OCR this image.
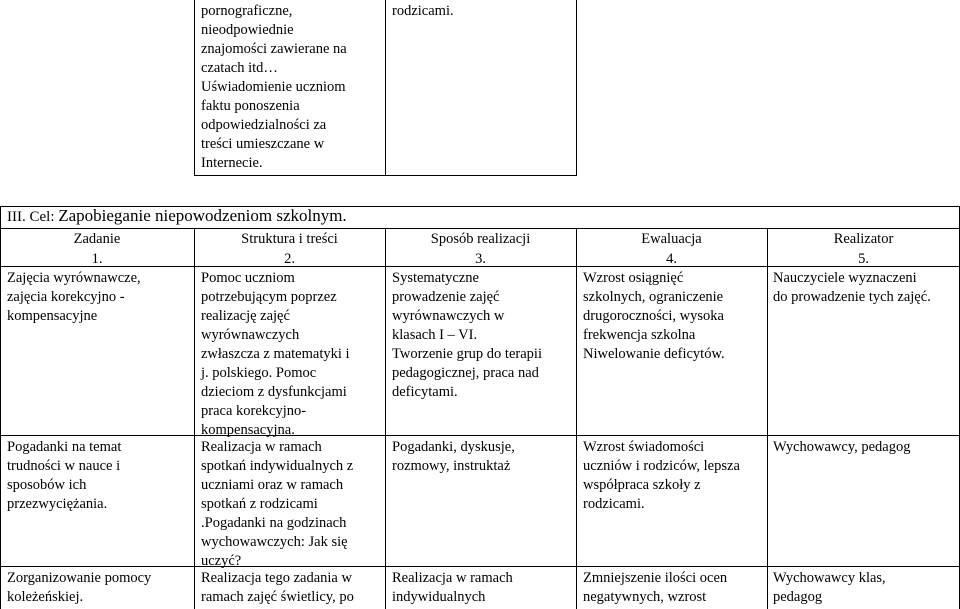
pornograficzne,
nieodpowiednie
znajomości zawierane na
czatach itd…
Uświadomienie uczniom
faktu ponoszenia
odpowiedzialności za
treści umieszczane w
Internecie.
rodzicami.
III. Cel: Zapobieganie niepowodzeniom szkolnym.
Zadanie
1.
Struktura i treści
2.
Sposób realizacji
3.
Ewaluacja
4.
Realizator
5.
Zajęcia wyrównawcze,
zajęcia korekcyjno -
kompensacyjne
Pomoc uczniom
potrzebującym poprzez
realizację zajęć
wyrównawczych
zwłaszcza z matematyki i
j. polskiego. Pomoc
dzieciom z dysfunkcjami
praca korekcyjno-
kompensacyjna.
Systematyczne
prowadzenie zajęć
wyrównawczych w
klasach I – VI.
Tworzenie grup do terapii
pedagogicznej, praca nad
deficytami.
Wzrost osiągnięć
szkolnych, ograniczenie
drugoroczności, wysoka
frekwencja szkolna
Niwelowanie deficytów.
Nauczyciele wyznaczeni
do prowadzenie tych zajęć.
Pogadanki na temat
trudności w nauce i
sposobów ich
przezwyciężania.
Realizacja w ramach
spotkań indywidualnych z
uczniami oraz w ramach
spotkań z rodzicami
.Pogadanki na godzinach
wychowawczych: Jak się
uczyć?
Pogadanki, dyskusje,
rozmowy, instruktaż
Wzrost świadomości
uczniów i rodziców, lepsza
współpraca szkoły z
rodzicami.
Wychowawcy, pedagog
Zorganizowanie pomocy
koleżeńskiej.
Realizacja tego zadania w
ramach zajęć świetlicy, po
Realizacja w ramach
indywidualnych
Zmniejszenie ilości ocen
negatywnych, wzrost
Wychowawcy klas,
pedagog
